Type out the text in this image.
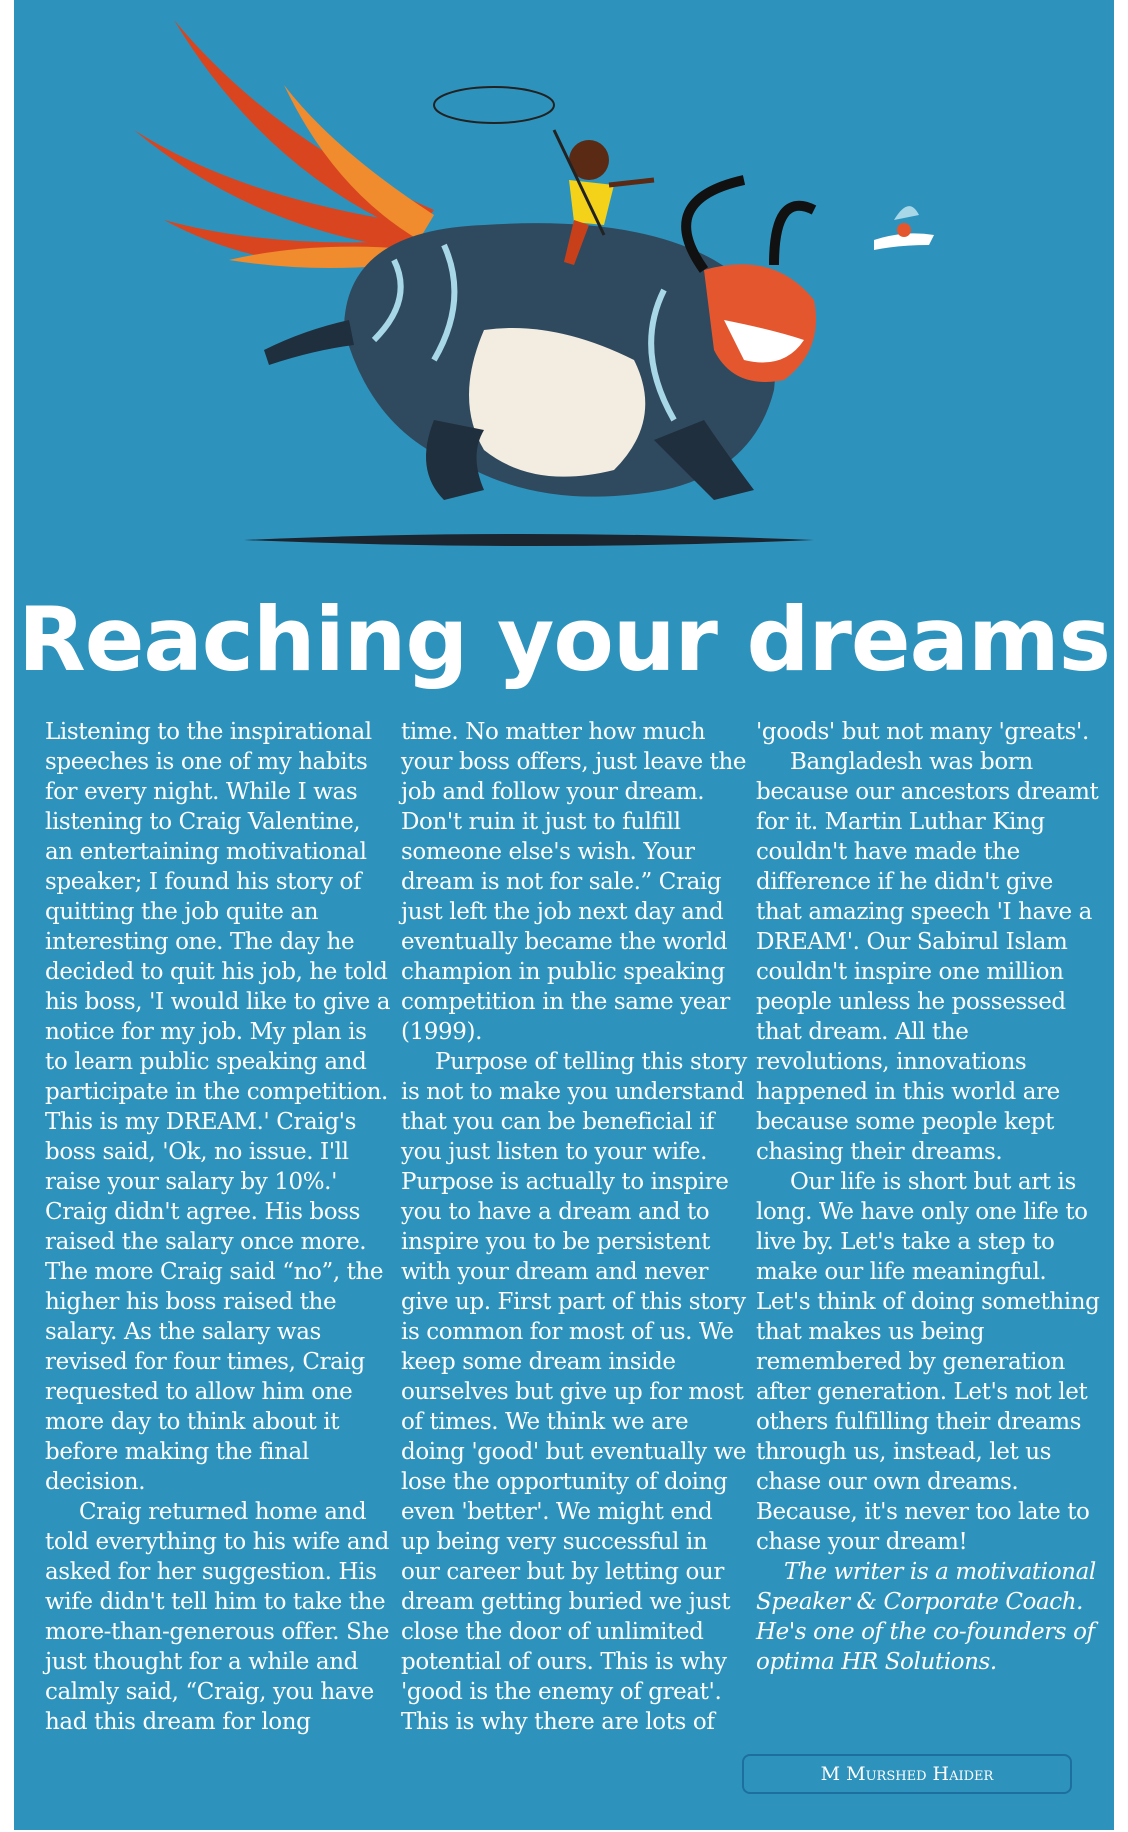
Reaching your dreams

Listening to the inspirational speeches is one of my habits for every night. While I was listening to Craig Valentine, an entertaining motivational speaker; I found his story of quitting the job quite an interesting one. The day he decided to quit his job, he told his boss, 'I would like to give a notice for my job. My plan is to learn public speaking and participate in the competition. This is my DREAM.' Craig's boss said, 'Ok, no issue. I'll raise your salary by 10%.' Craig didn't agree. His boss raised the salary once more. The more Craig said “no”, the higher his boss raised the salary. As the salary was revised for four times, Craig requested to allow him one more day to think about it before making the final decision.

Craig returned home and told everything to his wife and asked for her suggestion. His wife didn't tell him to take the more-than-generous offer. She just thought for a while and calmly said, “Craig, you have had this dream for long

time. No matter how much your boss offers, just leave the job and follow your dream. Don't ruin it just to fulfill someone else's wish. Your dream is not for sale.” Craig just left the job next day and eventually became the world champion in public speaking competition in the same year (1999).

Purpose of telling this story is not to make you understand that you can be beneficial if you just listen to your wife. Purpose is actually to inspire you to have a dream and to inspire you to be persistent with your dream and never give up. First part of this story is common for most of us. We keep some dream inside ourselves but give up for most of times. We think we are doing 'good' but eventually we lose the opportunity of doing even 'better'. We might end up being very successful in our career but by letting our dream getting buried we just close the door of unlimited potential of ours. This is why 'good is the enemy of great'. This is why there are lots of

'goods' but not many 'greats'.

Bangladesh was born because our ancestors dreamt for it. Martin Luthar King couldn't have made the difference if he didn't give that amazing speech 'I have a DREAM'. Our Sabirul Islam couldn't inspire one million people unless he possessed that dream. All the revolutions, innovations happened in this world are because some people kept chasing their dreams.

Our life is short but art is long. We have only one life to live by. Let's take a step to make our life meaningful. Let's think of doing something that makes us being remembered by generation after generation. Let's not let others fulfilling their dreams through us, instead, let us chase our own dreams. Because, it's never too late to chase your dream!

The writer is a motivational Speaker & Corporate Coach. He's one of the co-founders of optima HR Solutions.

M Murshed Haider
